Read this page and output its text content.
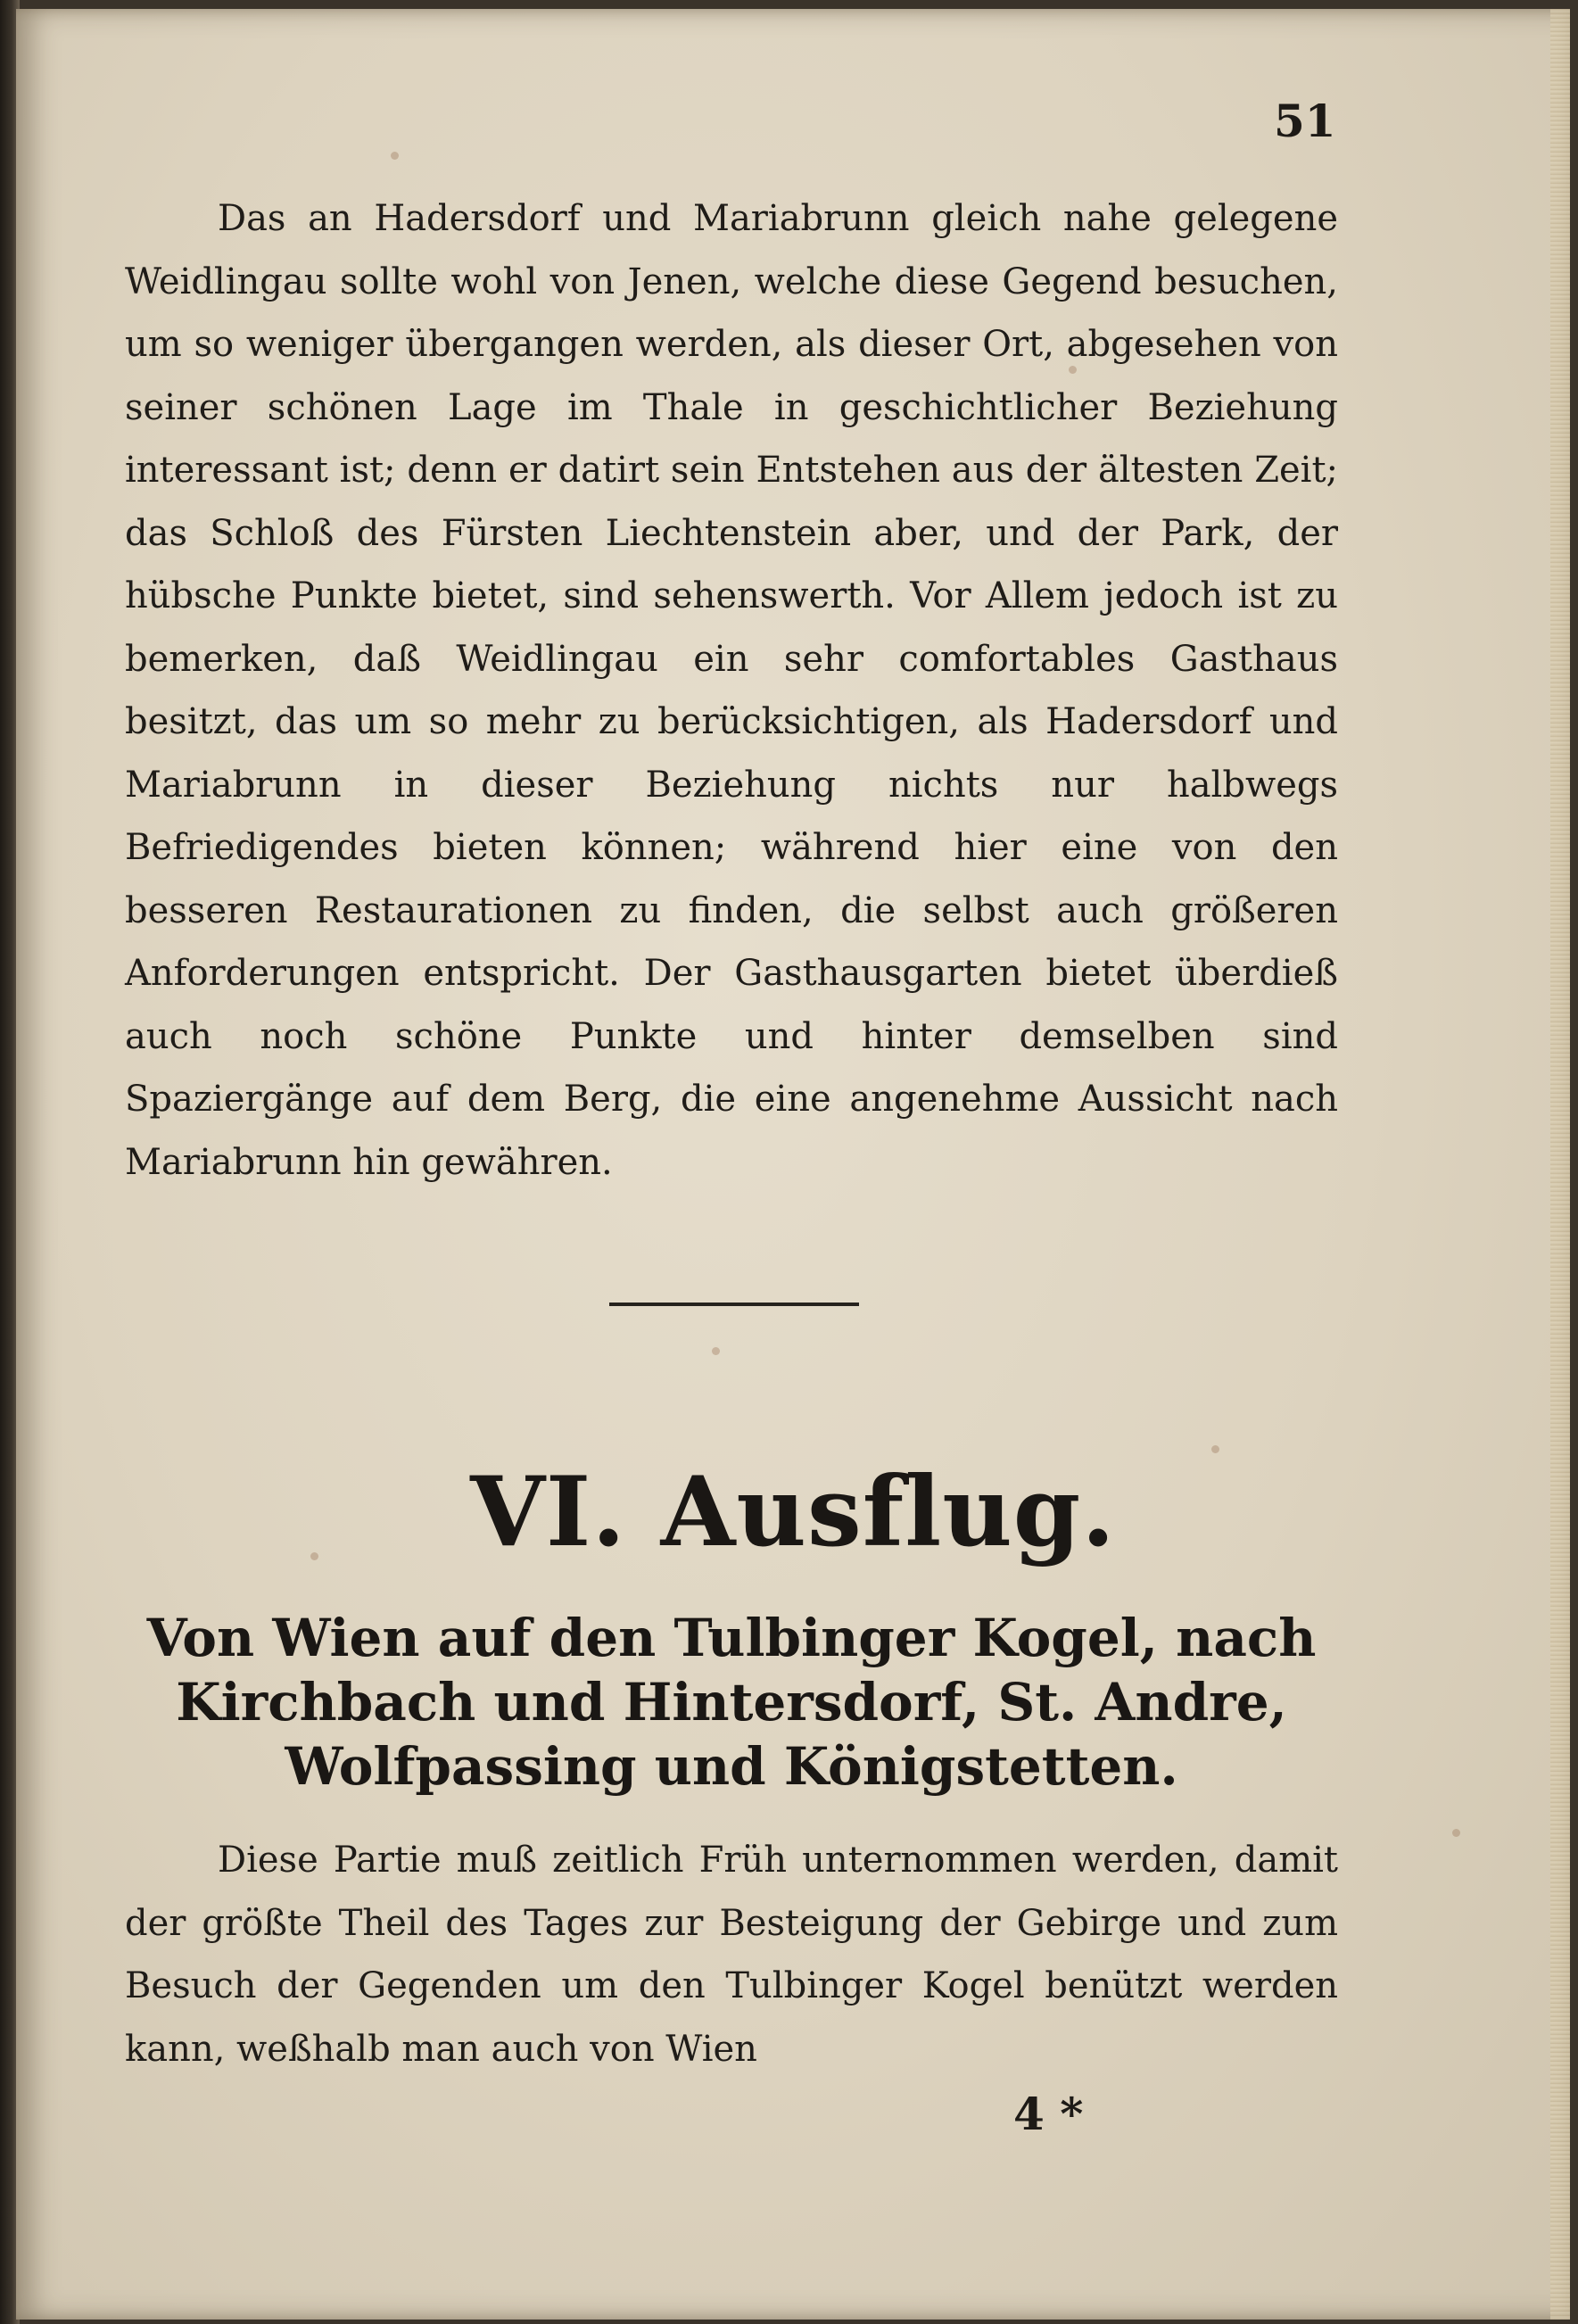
51
Das an Hadersdorf und Mariabrunn gleich nahe gelegene Weidlingau sollte wohl von Jenen, welche diese Gegend besuchen, um so weniger übergangen werden, als dieser Ort, abgesehen von seiner schönen Lage im Thale in geschichtlicher Beziehung interessant ist; denn er datirt sein Entstehen aus der ältesten Zeit; das Schloß des Fürsten Liechtenstein aber, und der Park, der hübsche Punkte bietet, sind sehenswerth. Vor Allem jedoch ist zu bemerken, daß Weidlingau ein sehr comfortables Gasthaus besitzt, das um so mehr zu berücksichtigen, als Hadersdorf und Mariabrunn in dieser Beziehung nichts nur halbwegs Befriedigendes bieten können; während hier eine von den besseren Restaurationen zu finden, die selbst auch größeren Anforderungen entspricht. Der Gasthausgarten bietet überdieß auch noch schöne Punkte und hinter demselben sind Spaziergänge auf dem Berg, die eine angenehme Aussicht nach Mariabrunn hin gewähren.
VI. Ausflug.
Von Wien auf den Tulbinger Kogel, nach Kirchbach und Hintersdorf, St. Andre, Wolfpassing und Königstetten.
Diese Partie muß zeitlich Früh unternommen werden, damit der größte Theil des Tages zur Besteigung der Gebirge und zum Besuch der Gegenden um den Tulbinger Kogel benützt werden kann, weßhalb man auch von Wien
4 *
